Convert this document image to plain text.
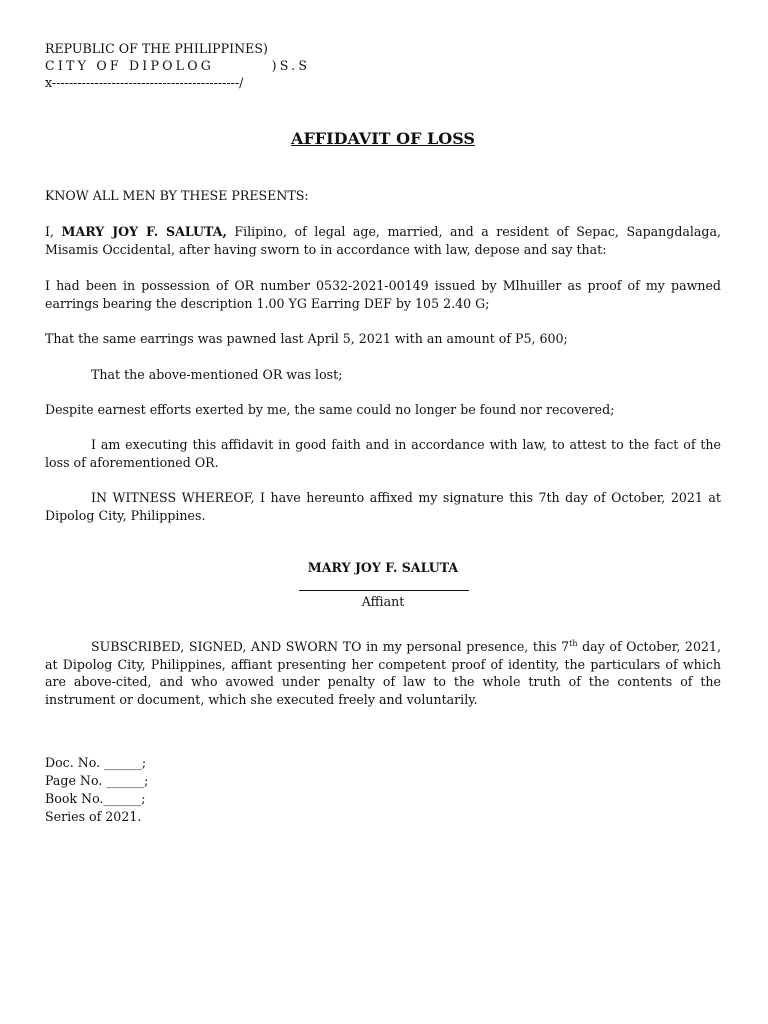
REPUBLIC OF THE PHILIPPINES)
CITY OF DIPOLOG        )S.S
x--------------------------------------------/
AFFIDAVIT OF LOSS
KNOW ALL MEN BY THESE PRESENTS:
I, MARY JOY F. SALUTA, Filipino, of legal age, married, and a resident of Sepac, Sapangdalaga, Misamis Occidental, after having sworn to in accordance with law, depose and say that:
I had been in possession of OR number 0532-2021-00149 issued by Mlhuiller as proof of my pawned earrings bearing the description 1.00 YG Earring DEF by 105 2.40 G;
That the same earrings was pawned last April 5, 2021 with an amount of P5, 600;
That the above-mentioned OR was lost;
Despite earnest efforts exerted by me, the same could no longer be found nor recovered;
I am executing this affidavit in good faith and in accordance with law, to attest to the fact of the loss of aforementioned OR.
IN WITNESS WHEREOF, I have hereunto affixed my signature this 7th day of October, 2021 at Dipolog City, Philippines.
MARY JOY F. SALUTA
Affiant
SUBSCRIBED, SIGNED, AND SWORN TO in my personal presence, this 7th day of October, 2021, at Dipolog City, Philippines, affiant presenting her competent proof of identity, the particulars of which are above-cited, and who avowed under penalty of law to the whole truth of the contents of the instrument or document, which she executed freely and voluntarily.
Doc. No. ______;
Page No. ______;
Book No.______;
Series of 2021.
